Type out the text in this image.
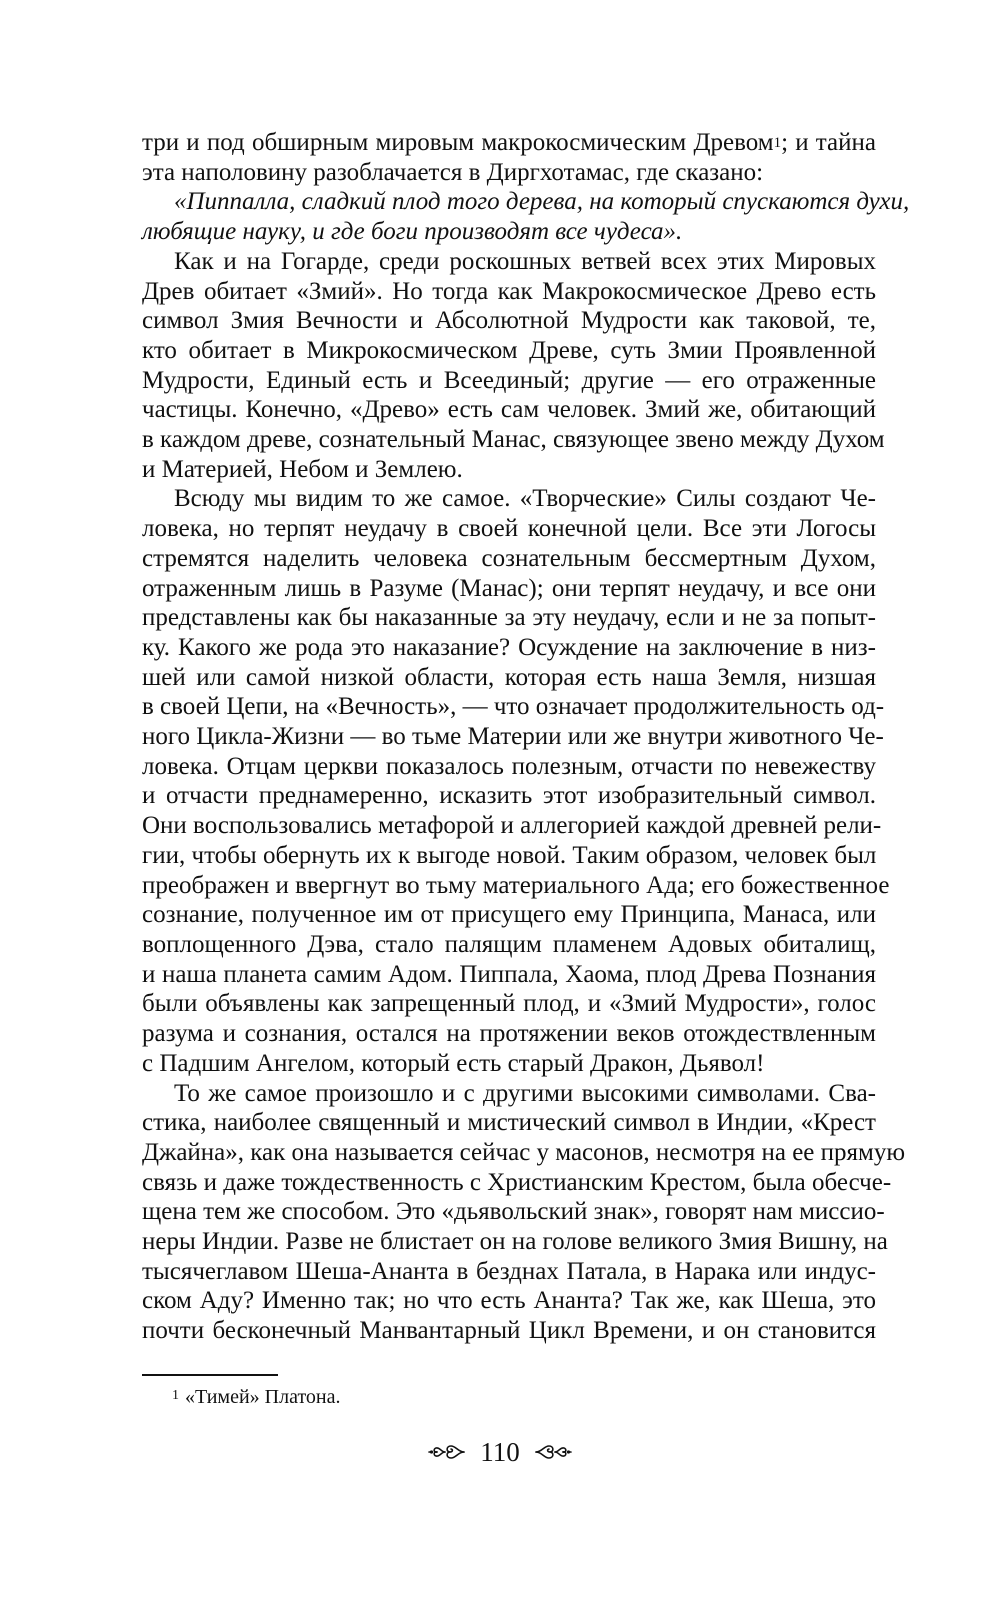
три и под обширным мировым макрокосмическим Древом$^1$; и тайна
эта наполовину разоблачается в Диргхотамас, где сказано:
«Пиппалла, сладкий плод того дерева, на который спускаются духи,
любящие науку, и где боги производят все чудеса».
Как и на Гогарде, среди роскошных ветвей всех этих Мировых
Древ обитает «Змий». Но тогда как Макрокосмическое Древо есть
символ Змия Вечности и Абсолютной Мудрости как таковой, те,
кто обитает в Микрокосмическом Древе, суть Змии Проявленной
Мудрости, Единый есть и Всеединый; другие — его отраженные
частицы. Конечно, «Древо» есть сам человек. Змий же, обитающий
в каждом древе, сознательный Манас, связующее звено между Духом
и Материей, Небом и Землею.
Всюду мы видим то же самое. «Творческие» Силы создают Че-
ловека, но терпят неудачу в своей конечной цели. Все эти Логосы
стремятся наделить человека сознательным бессмертным Духом,
отраженным лишь в Разуме (Манас); они терпят неудачу, и все они
представлены как бы наказанные за эту неудачу, если и не за попыт-
ку. Какого же рода это наказание? Осуждение на заключение в низ-
шей или самой низкой области, которая есть наша Земля, низшая
в своей Цепи, на «Вечность», — что означает продолжительность од-
ного Цикла-Жизни — во тьме Материи или же внутри животного Че-
ловека. Отцам церкви показалось полезным, отчасти по невежеству
и отчасти преднамеренно, исказить этот изобразительный символ.
Они воспользовались метафорой и аллегорией каждой древней рели-
гии, чтобы обернуть их к выгоде новой. Таким образом, человек был
преображен и ввергнут во тьму материального Ада; его божественное
сознание, полученное им от присущего ему Принципа, Манаса, или
воплощенного Дэва, стало палящим пламенем Адовых обиталищ,
и наша планета самим Адом. Пиппала, Хаома, плод Древа Познания
были объявлены как запрещенный плод, и «Змий Мудрости», голос
разума и сознания, остался на протяжении веков отождествленным
с Падшим Ангелом, который есть старый Дракон, Дьявол!
То же самое произошло и с другими высокими символами. Сва-
стика, наиболее священный и мистический символ в Индии, «Крест
Джайна», как она называется сейчас у масонов, несмотря на ее прямую
связь и даже тождественность с Христианским Крестом, была обесче-
щена тем же способом. Это «дьявольский знак», говорят нам миссио-
неры Индии. Разве не блистает он на голове великого Змия Вишну, на
тысячеглавом Шеша-Ананта в безднах Патала, в Нарака или индус-
ском Аду? Именно так; но что есть Ананта? Так же, как Шеша, это
почти бесконечный Манвантарный Цикл Времени, и он становится
$^1$ «Тимей» Платона.
110
